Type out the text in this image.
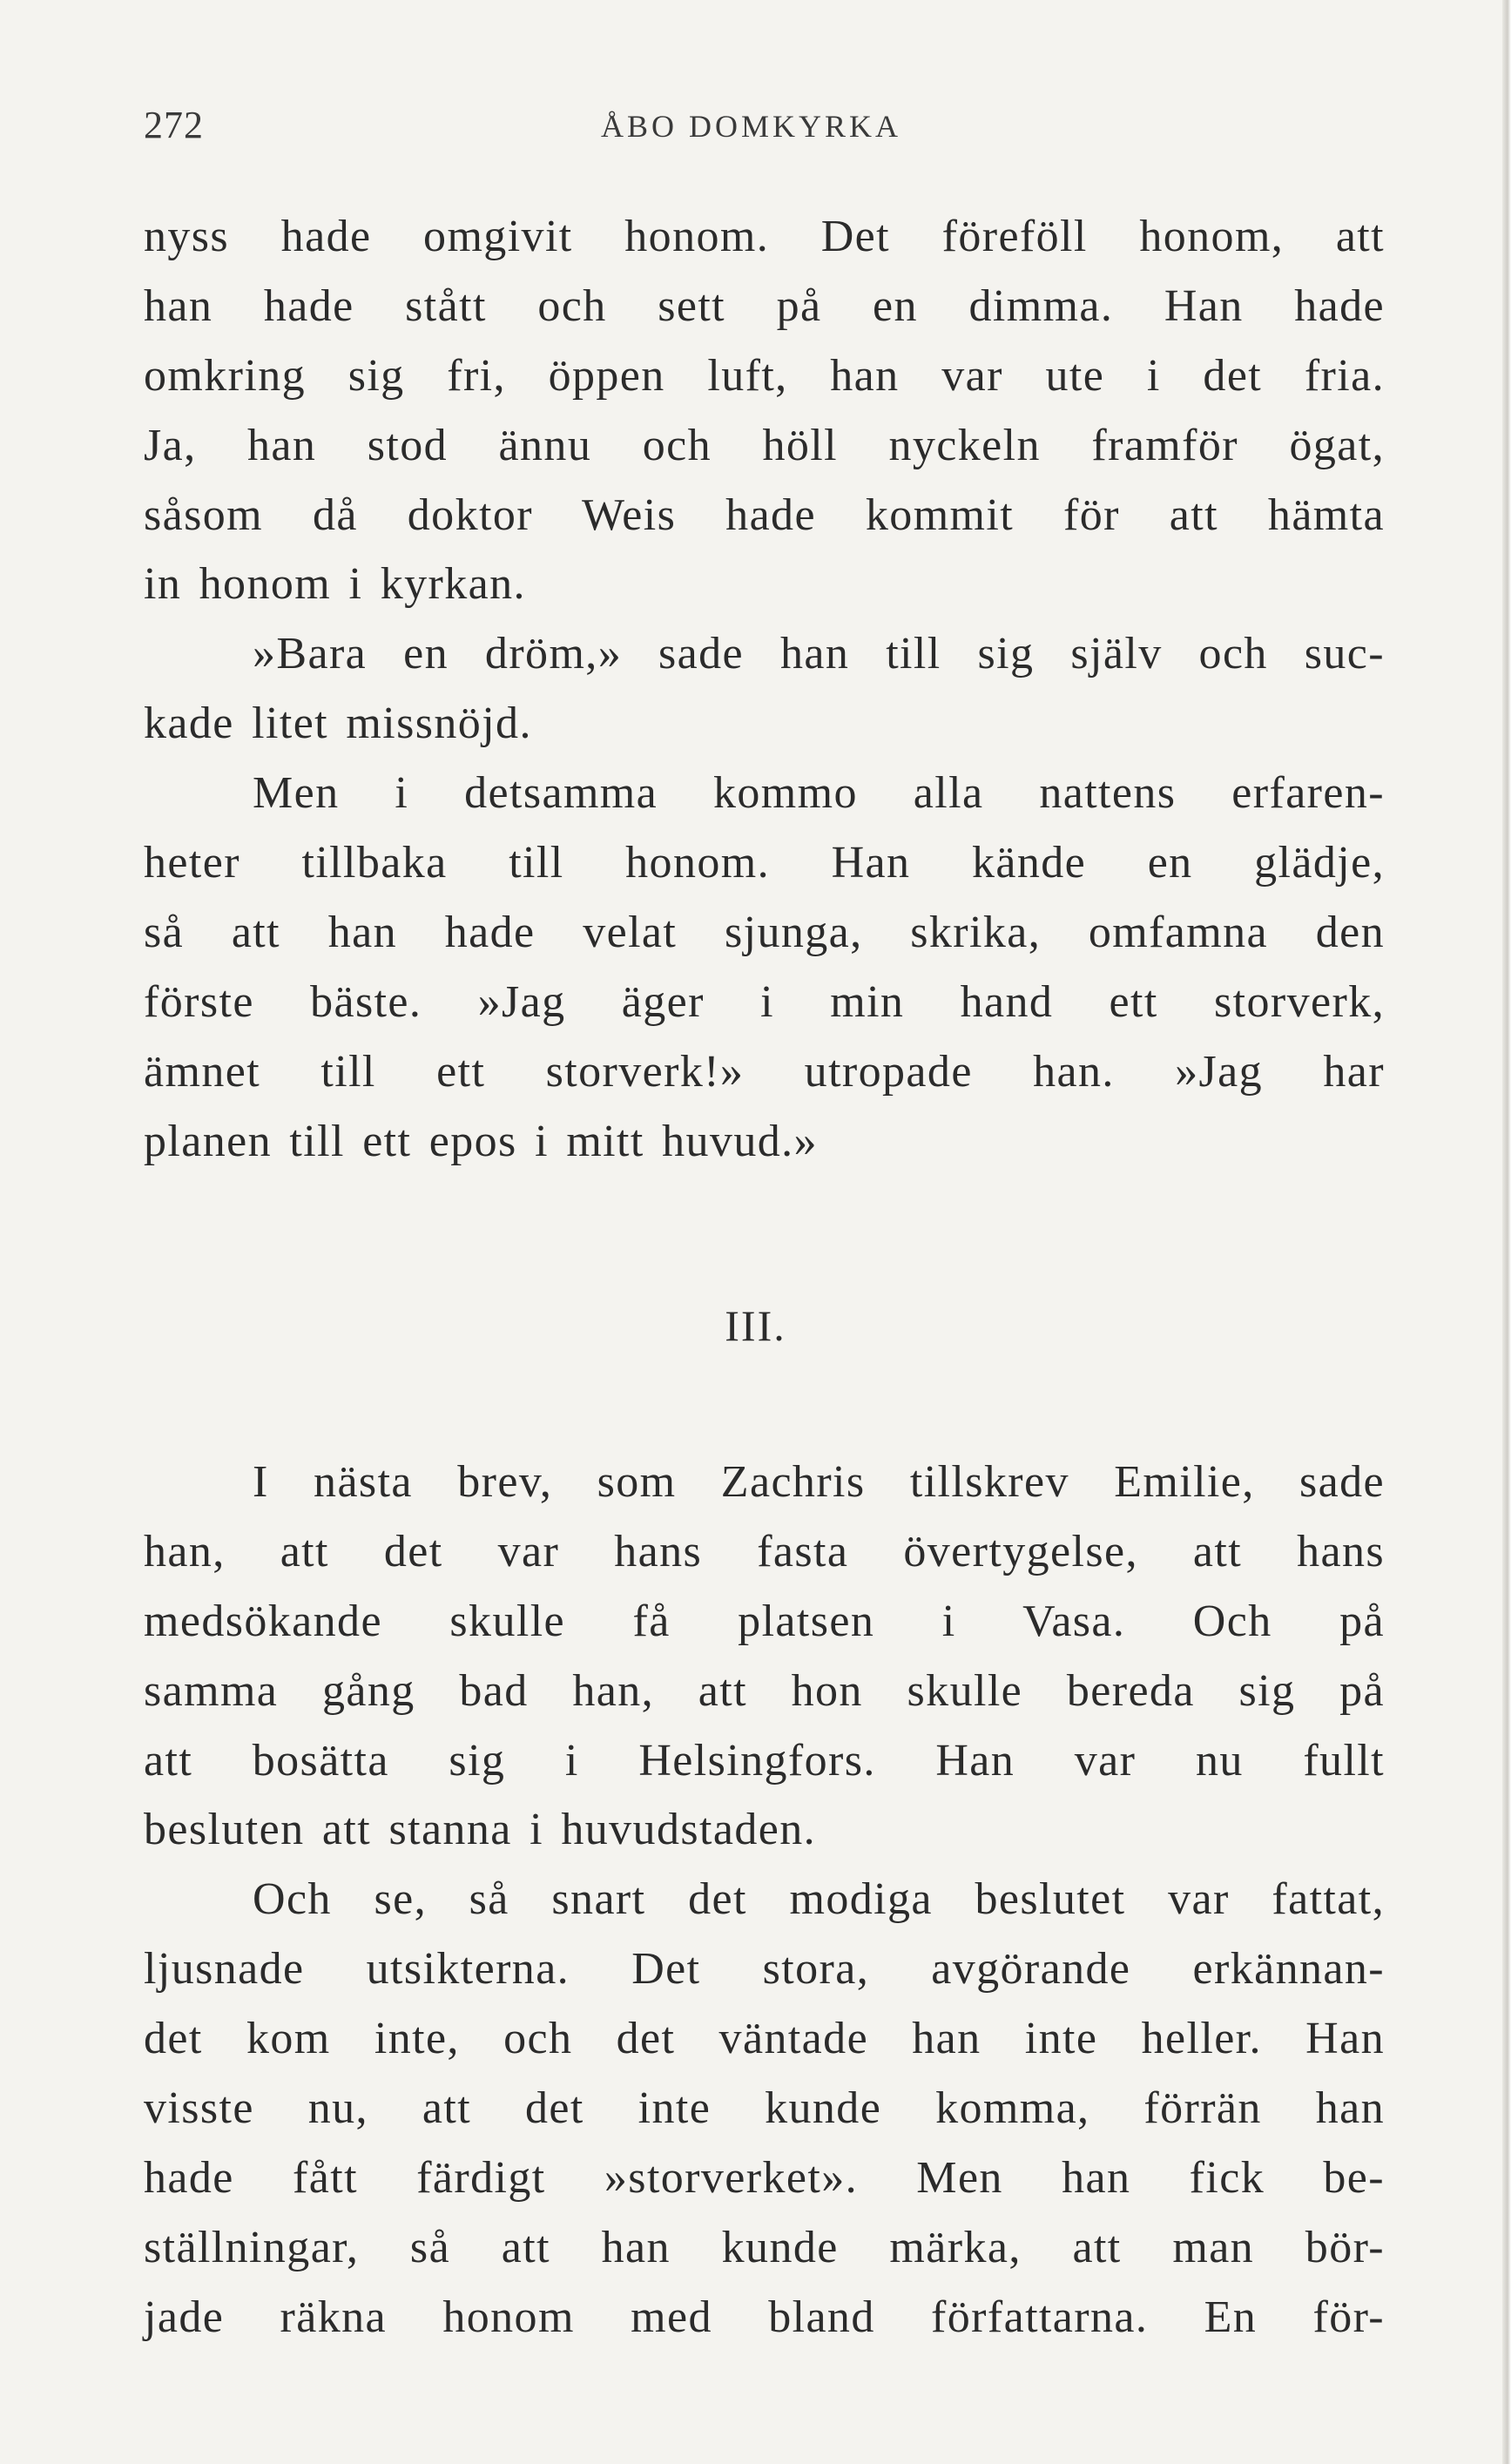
272	ÅBO DOMKYRKA
nyss hade omgivit honom. Det föreföll honom, att
han hade stått och sett på en dimma. Han hade
omkring sig fri, öppen luft, han var ute i det fria.
Ja, han stod ännu och höll nyckeln framför ögat,
såsom då doktor Weis hade kommit för att hämta
in honom i kyrkan.
»Bara en dröm,» sade han till sig själv och suc-
kade litet missnöjd.
Men i detsamma kommo alla nattens erfaren-
heter tillbaka till honom. Han kände en glädje,
så att han hade velat sjunga, skrika, omfamna den
förste bäste. »Jag äger i min hand ett storverk,
ämnet till ett storverk!» utropade han. »Jag har
planen till ett epos i mitt huvud.»
III.
I nästa brev, som Zachris tillskrev Emilie, sade
han, att det var hans fasta övertygelse, att hans
medsökande skulle få platsen i Vasa. Och på
samma gång bad han, att hon skulle bereda sig på
att bosätta sig i Helsingfors. Han var nu fullt
besluten att stanna i huvudstaden.
Och se, så snart det modiga beslutet var fattat,
ljusnade utsikterna. Det stora, avgörande erkännan-
det kom inte, och det väntade han inte heller. Han
visste nu, att det inte kunde komma, förrän han
hade fått färdigt »storverket». Men han fick be-
ställningar, så att han kunde märka, att man bör-
jade räkna honom med bland författarna. En för-
